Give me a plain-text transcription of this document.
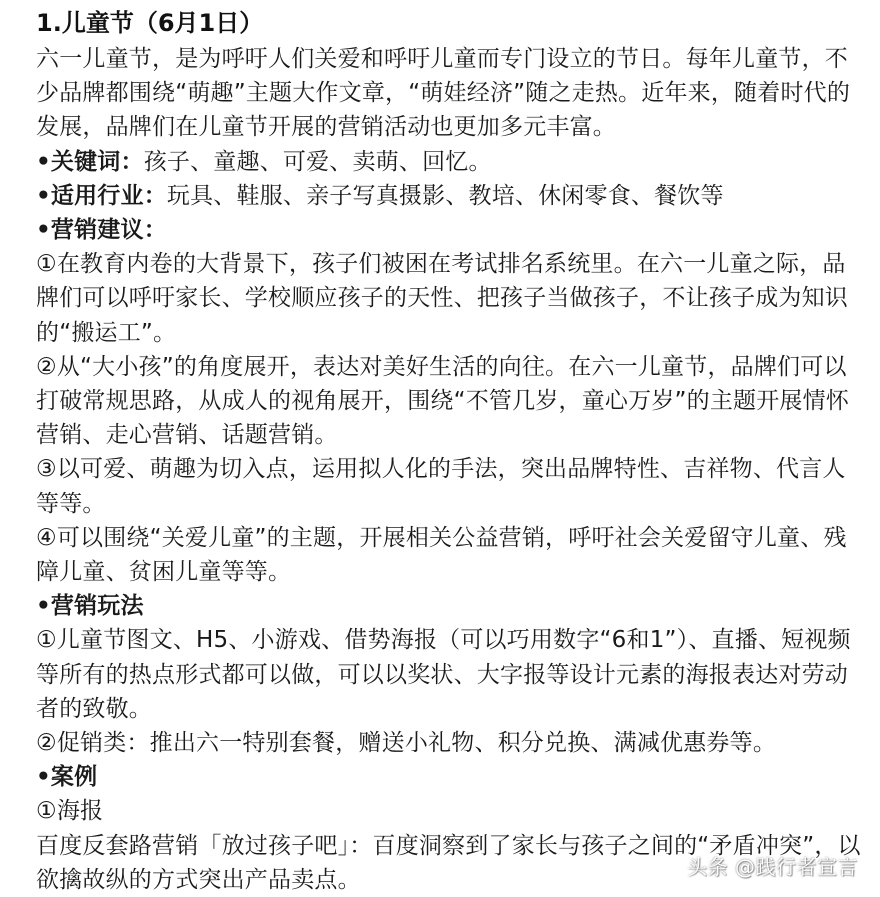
1.儿童节（6月1日）

六一儿童节，是为呼吁人们关爱和呼吁儿童而专门设立的节日。每年儿童节，不少品牌都围绕“萌趣”主题大作文章，“萌娃经济”随之走热。近年来，随着时代的发展，品牌们在儿童节开展的营销活动也更加多元丰富。

•关键词：孩子、童趣、可爱、卖萌、回忆。

•适用行业：玩具、鞋服、亲子写真摄影、教培、休闲零食、餐饮等

•营销建议：

①在教育内卷的大背景下，孩子们被困在考试排名系统里。在六一儿童之际，品牌们可以呼吁家长、学校顺应孩子的天性、把孩子当做孩子，不让孩子成为知识的“搬运工”。

②从“大小孩”的角度展开，表达对美好生活的向往。在六一儿童节，品牌们可以打破常规思路，从成人的视角展开，围绕“不管几岁，童心万岁”的主题开展情怀营销、走心营销、话题营销。

③以可爱、萌趣为切入点，运用拟人化的手法，突出品牌特性、吉祥物、代言人等等。

④可以围绕“关爱儿童”的主题，开展相关公益营销，呼吁社会关爱留守儿童、残障儿童、贫困儿童等等。

•营销玩法

①儿童节图文、H5、小游戏、借势海报（可以巧用数字“6和1”）、直播、短视频等所有的热点形式都可以做，可以以奖状、大字报等设计元素的海报表达对劳动者的致敬。

②促销类：推出六一特别套餐，赠送小礼物、积分兑换、满减优惠券等。

•案例

①海报

百度反套路营销「放过孩子吧」：百度洞察到了家长与孩子之间的“矛盾冲突”，以欲擒故纵的方式突出产品卖点。	头条 @践行者宣言
